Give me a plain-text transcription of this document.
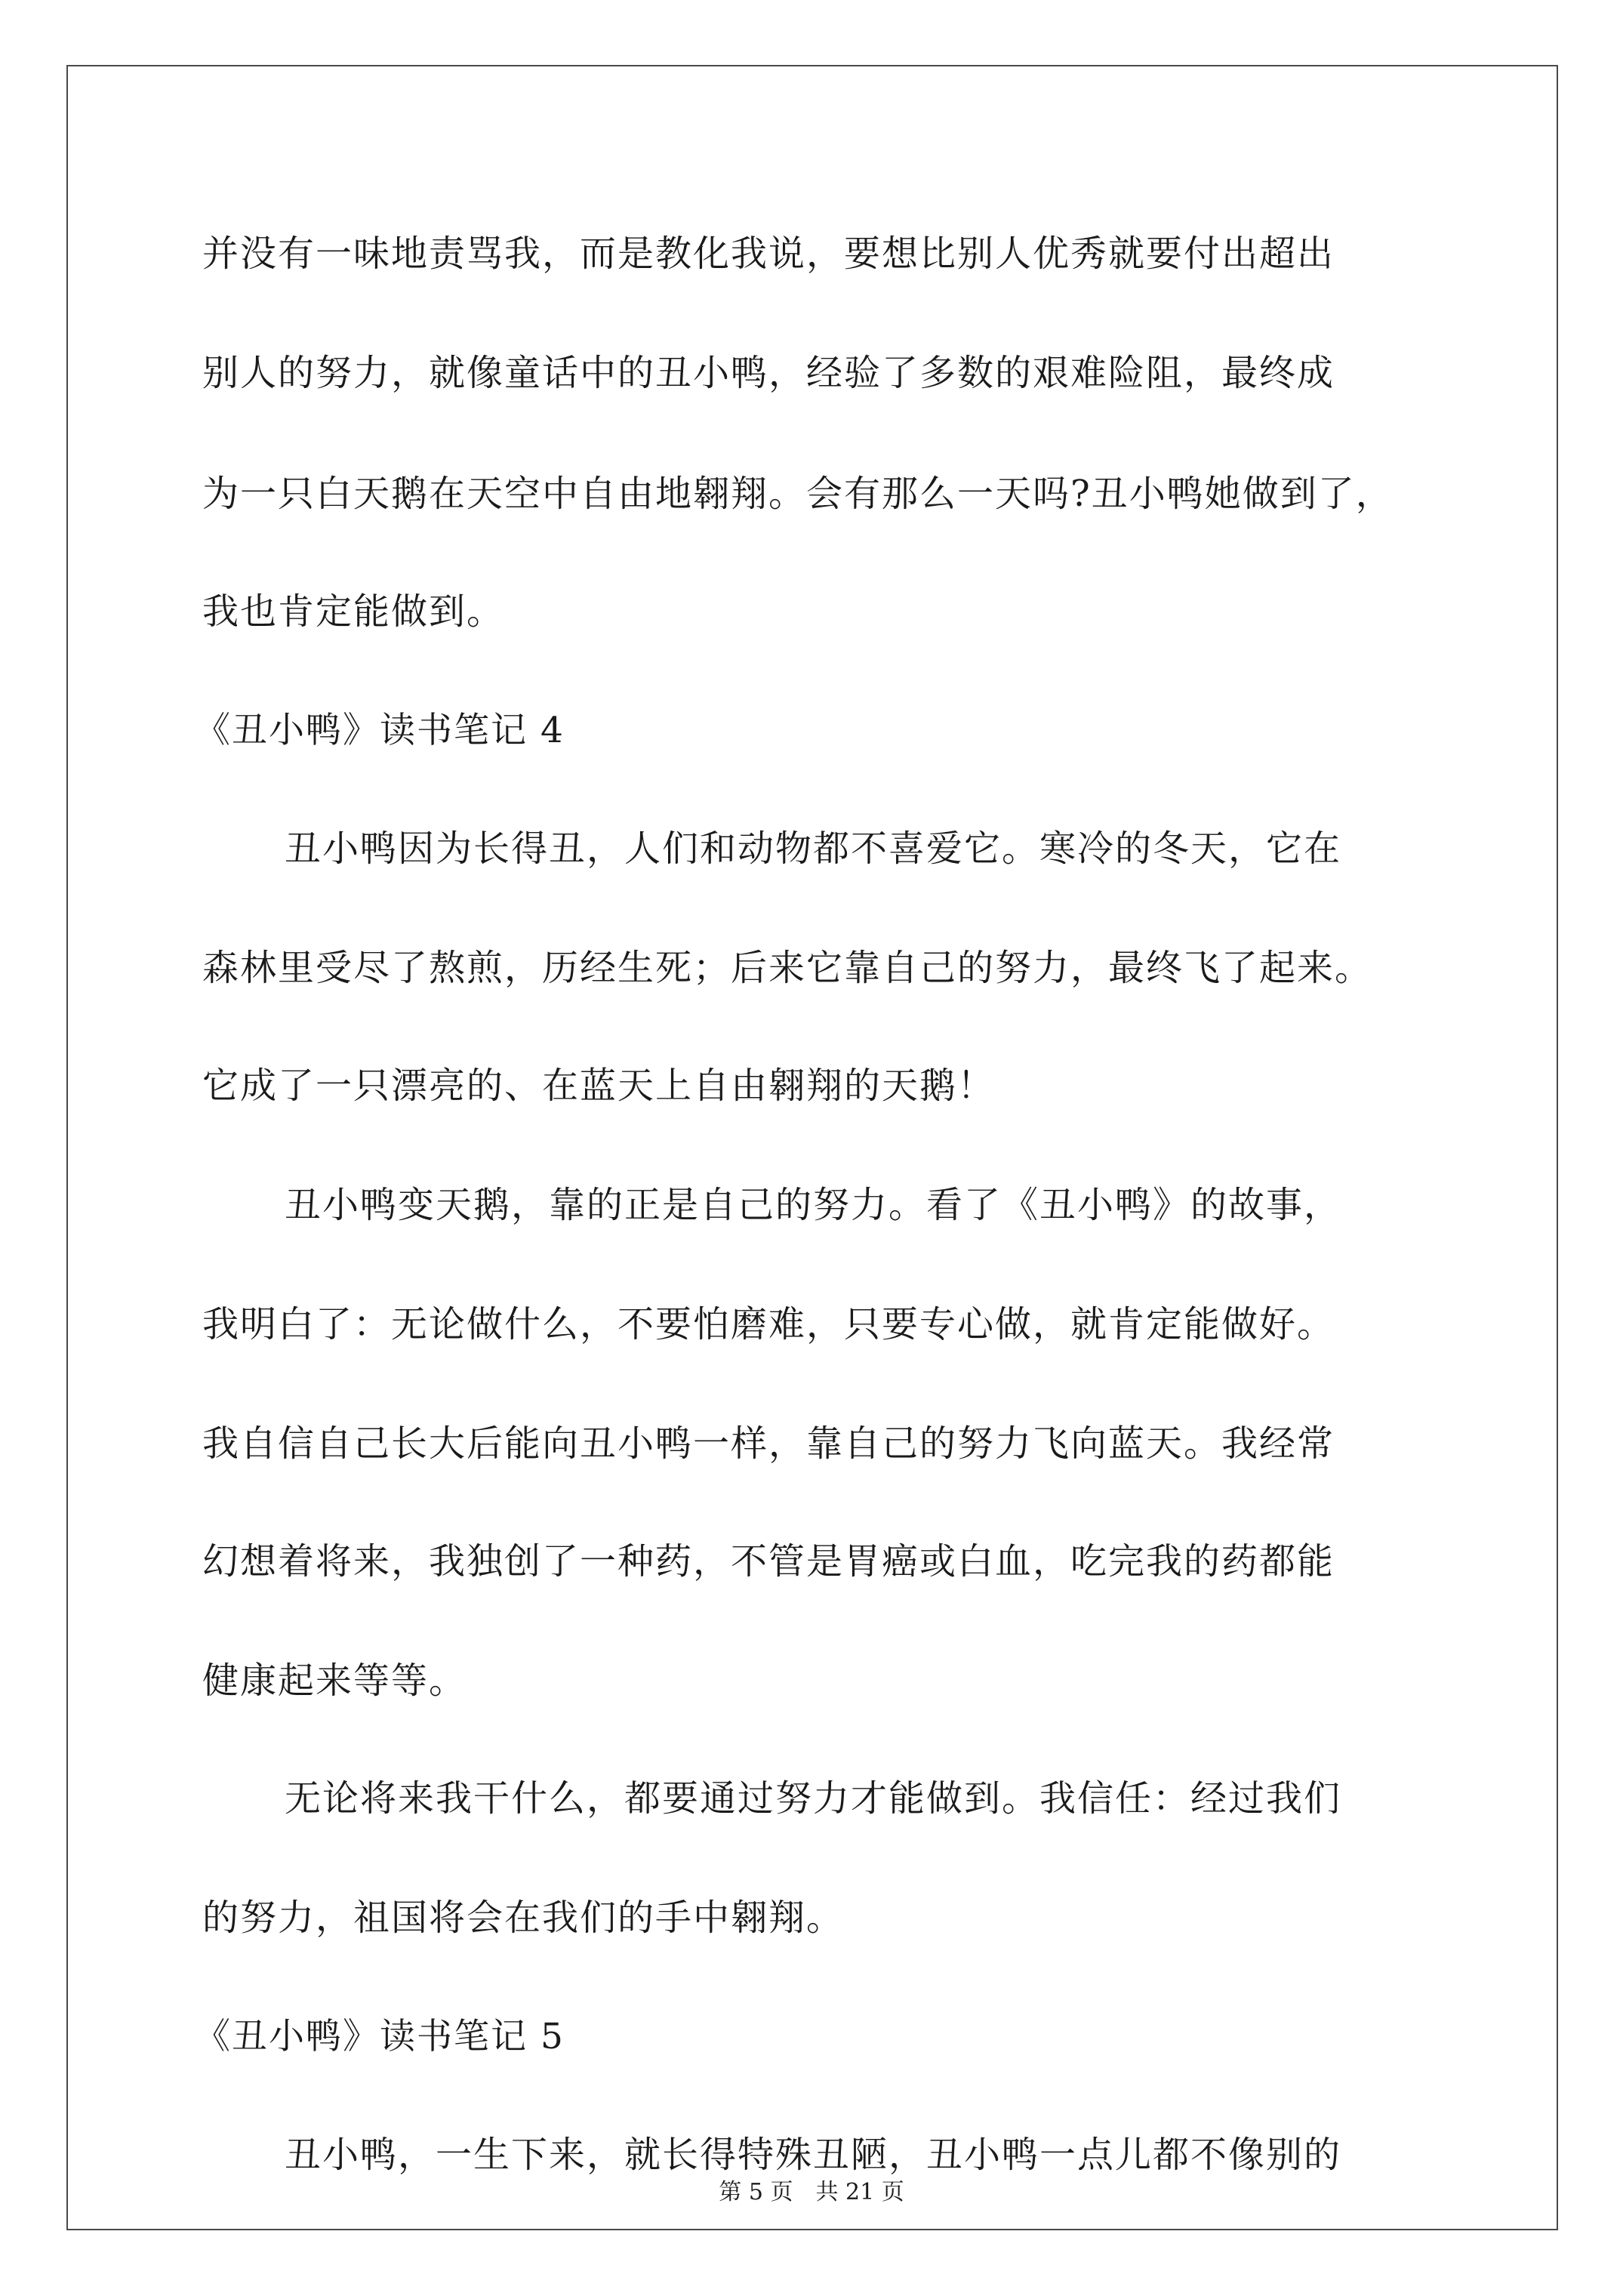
并没有一味地责骂我，而是教化我说，要想比别人优秀就要付出超出
别人的努力，就像童话中的丑小鸭，经验了多数的艰难险阻，最终成
为一只白天鹅在天空中自由地翱翔。会有那么一天吗?丑小鸭她做到了，
我也肯定能做到。
《丑小鸭》读书笔记 4
丑小鸭因为长得丑，人们和动物都不喜爱它。寒冷的冬天，它在
森林里受尽了熬煎，历经生死；后来它靠自己的努力，最终飞了起来。
它成了一只漂亮的、在蓝天上自由翱翔的天鹅！
丑小鸭变天鹅，靠的正是自己的努力。看了《丑小鸭》的故事，
我明白了：无论做什么，不要怕磨难，只要专心做，就肯定能做好。
我自信自己长大后能向丑小鸭一样，靠自己的努力飞向蓝天。我经常
幻想着将来，我独创了一种药，不管是胃癌或白血，吃完我的药都能
健康起来等等。
无论将来我干什么，都要通过努力才能做到。我信任：经过我们
的努力，祖国将会在我们的手中翱翔。
《丑小鸭》读书笔记 5
丑小鸭，一生下来，就长得特殊丑陋，丑小鸭一点儿都不像别的
第 5 页 共 21 页
